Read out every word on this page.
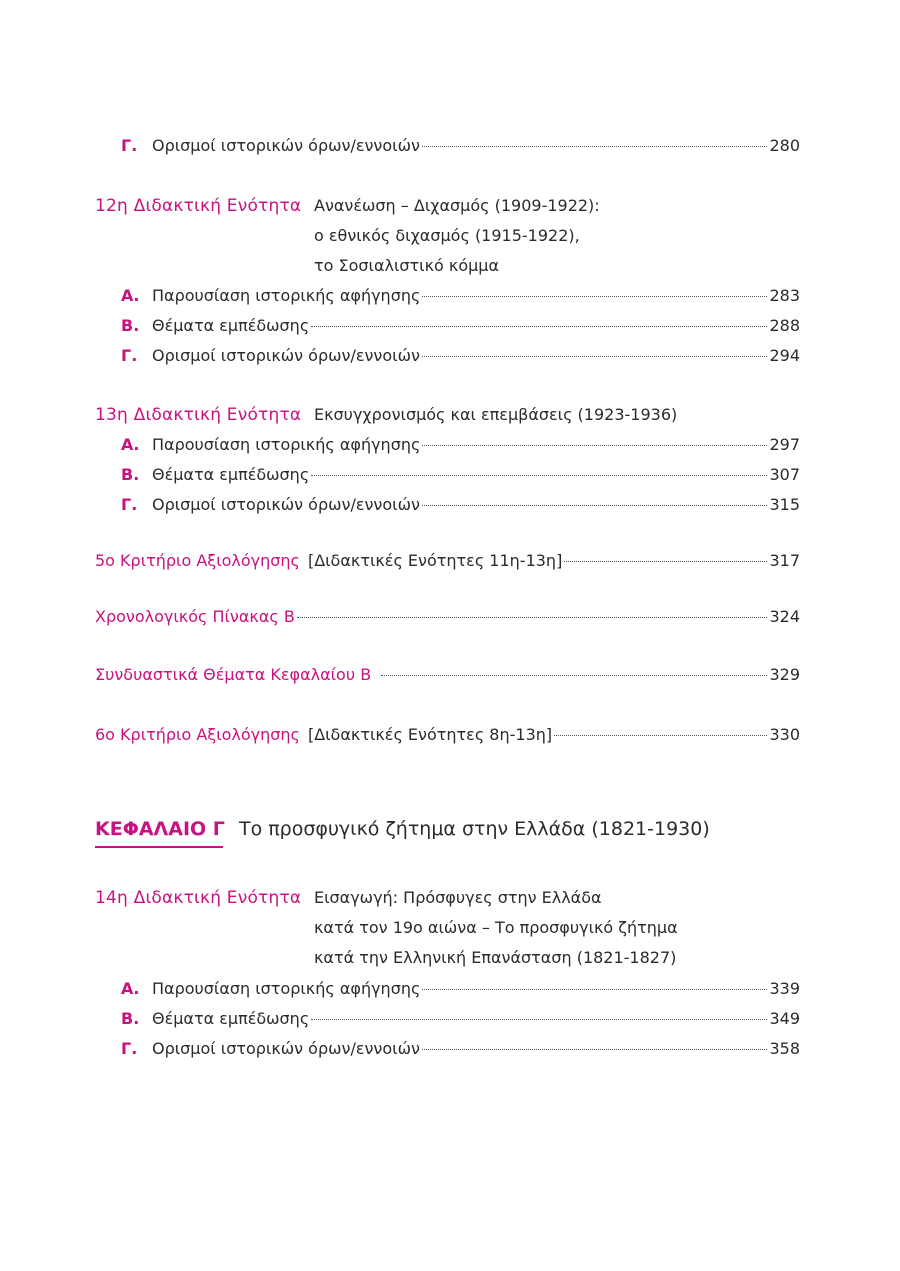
Γ. Ορισμοί ιστορικών όρων/εννοιών	280
12η Διδακτική Ενότητα Ανανέωση – Διχασμός (1909-1922):
ο εθνικός διχασμός (1915-1922),
το Σοσιαλιστικό κόμμα
Α. Παρουσίαση ιστορικής αφήγησης	283
Β. Θέματα εμπέδωσης	288
Γ. Ορισμοί ιστορικών όρων/εννοιών	294
13η Διδακτική Ενότητα Εκσυγχρονισμός και επεμβάσεις (1923-1936)
Α. Παρουσίαση ιστορικής αφήγησης	297
Β. Θέματα εμπέδωσης	307
Γ. Ορισμοί ιστορικών όρων/εννοιών	315
5ο Κριτήριο Αξιολόγησης [Διδακτικές Ενότητες 11η-13η]	317
Χρονολογικός Πίνακας Β	324
Συνδυαστικά Θέματα Κεφαλαίου Β	329
6ο Κριτήριο Αξιολόγησης [Διδακτικές Ενότητες 8η-13η]	330
ΚΕΦΑΛΑΙΟ Γ Το προσφυγικό ζήτημα στην Ελλάδα (1821-1930)
14η Διδακτική Ενότητα Εισαγωγή: Πρόσφυγες στην Ελλάδα
κατά τον 19ο αιώνα – Το προσφυγικό ζήτημα
κατά την Ελληνική Επανάσταση (1821-1827)
Α. Παρουσίαση ιστορικής αφήγησης	339
Β. Θέματα εμπέδωσης	349
Γ. Ορισμοί ιστορικών όρων/εννοιών	358
